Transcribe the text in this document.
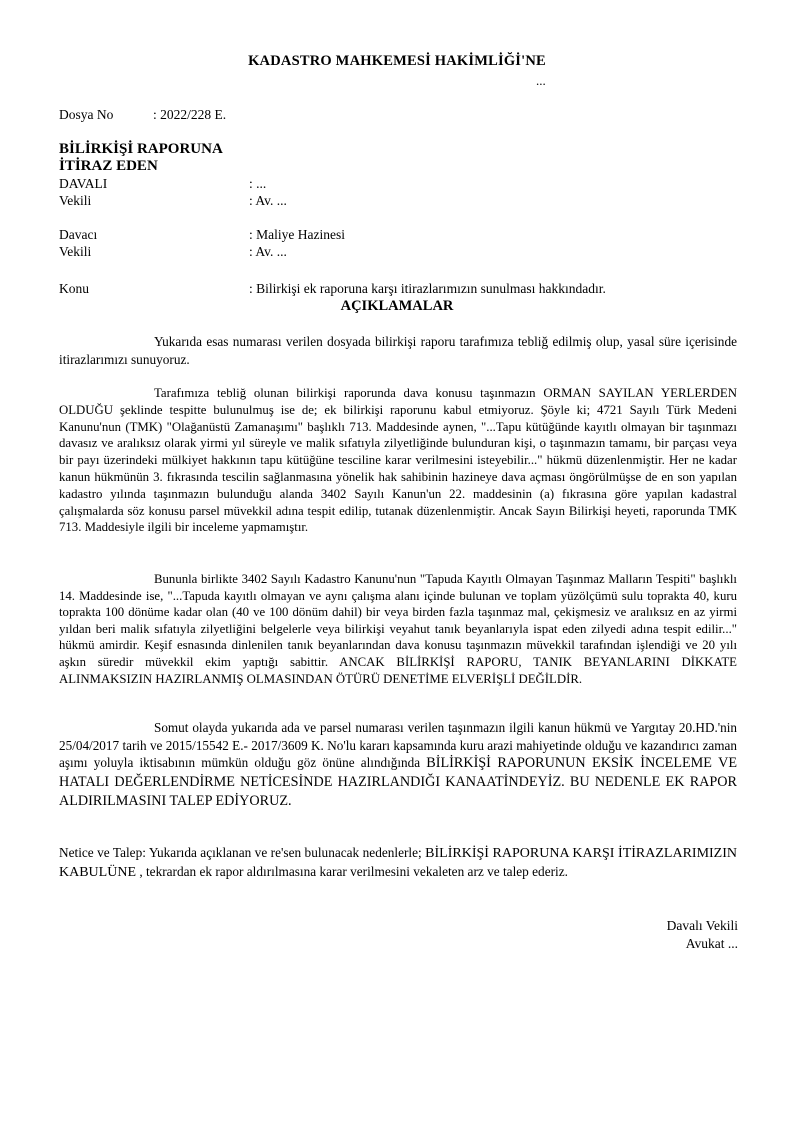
KADASTRO MAHKEMESİ HAKİMLİĞİ'NE
...
Dosya No	: 2022/228 E.
BİLİRKİŞİ RAPORUNA
İTİRAZ EDEN
DAVALI	: ...
Vekili	: Av. ...
Davacı	: Maliye Hazinesi
Vekili	: Av. ...
Konu	: Bilirkişi ek raporuna karşı itirazlarımızın sunulması hakkındadır.
AÇIKLAMALAR
Yukarıda esas numarası verilen dosyada bilirkişi raporu tarafımıza tebliğ edilmiş olup, yasal süre içerisinde itirazlarımızı sunuyoruz.
Tarafımıza tebliğ olunan bilirkişi raporunda dava konusu taşınmazın ORMAN SAYILAN YERLERDEN OLDUĞU şeklinde tespitte bulunulmuş ise de; ek bilirkişi raporunu kabul etmiyoruz. Şöyle ki; 4721 Sayılı Türk Medeni Kanunu'nun (TMK) "Olağanüstü Zamanaşımı" başlıklı 713. Maddesinde aynen, "...Tapu kütüğünde kayıtlı olmayan bir taşınmazı davasız ve aralıksız olarak yirmi yıl süreyle ve malik sıfatıyla zilyetliğinde bulunduran kişi, o taşınmazın tamamı, bir parçası veya bir payı üzerindeki mülkiyet hakkının tapu kütüğüne tesciline karar verilmesini isteyebilir..." hükmü düzenlenmiştir. Her ne kadar kanun hükmünün 3. fıkrasında tescilin sağlanmasına yönelik hak sahibinin hazineye dava açması öngörülmüşse de en son yapılan kadastro yılında taşınmazın bulunduğu alanda 3402 Sayılı Kanun'un 22. maddesinin (a) fıkrasına göre yapılan kadastral çalışmalarda söz konusu parsel müvekkil adına tespit edilip, tutanak düzenlenmiştir. Ancak Sayın Bilirkişi heyeti, raporunda TMK 713. Maddesiyle ilgili bir inceleme yapmamıştır.
Bununla birlikte 3402 Sayılı Kadastro Kanunu'nun "Tapuda Kayıtlı Olmayan Taşınmaz Malların Tespiti" başlıklı 14. Maddesinde ise, "...Tapuda kayıtlı olmayan ve aynı çalışma alanı içinde bulunan ve toplam yüzölçümü sulu toprakta 40, kuru toprakta 100 dönüme kadar olan (40 ve 100 dönüm dahil) bir veya birden fazla taşınmaz mal, çekişmesiz ve aralıksız en az yirmi yıldan beri malik sıfatıyla zilyetliğini belgelerle veya bilirkişi veyahut tanık beyanlarıyla ispat eden zilyedi adına tespit edilir..." hükmü amirdir. Keşif esnasında dinlenilen tanık beyanlarından dava konusu taşınmazın müvekkil tarafından işlendiği ve 20 yılı aşkın süredir müvekkil ekim yaptığı sabittir. ANCAK BİLİRKİŞİ RAPORU, TANIK BEYANLARINI DİKKATE ALINMAKSIZIN HAZIRLANMIŞ OLMASINDAN ÖTÜRÜ DENETİME ELVERİŞLİ DEĞİLDİR.
Somut olayda yukarıda ada ve parsel numarası verilen taşınmazın ilgili kanun hükmü ve Yargıtay 20.HD.'nin 25/04/2017 tarih ve 2015/15542 E.- 2017/3609 K. No'lu kararı kapsamında kuru arazi mahiyetinde olduğu ve kazandırıcı zaman aşımı yoluyla iktisabının mümkün olduğu göz önüne alındığında BİLİRKİŞİ RAPORUNUN EKSİK İNCELEME VE HATALI DEĞERLENDİRME NETİCESİNDE HAZIRLANDIĞI KANAATİNDEYİZ. BU NEDENLE EK RAPOR ALDIRILMASINI TALEP EDİYORUZ.
Netice ve Talep: Yukarıda açıklanan ve re'sen bulunacak nedenlerle; BİLİRKİŞİ RAPORUNA KARŞI İTİRAZLARIMIZIN KABULÜNE , tekrardan ek rapor aldırılmasına karar verilmesini vekaleten arz ve talep ederiz.
Davalı Vekili
Avukat ...
